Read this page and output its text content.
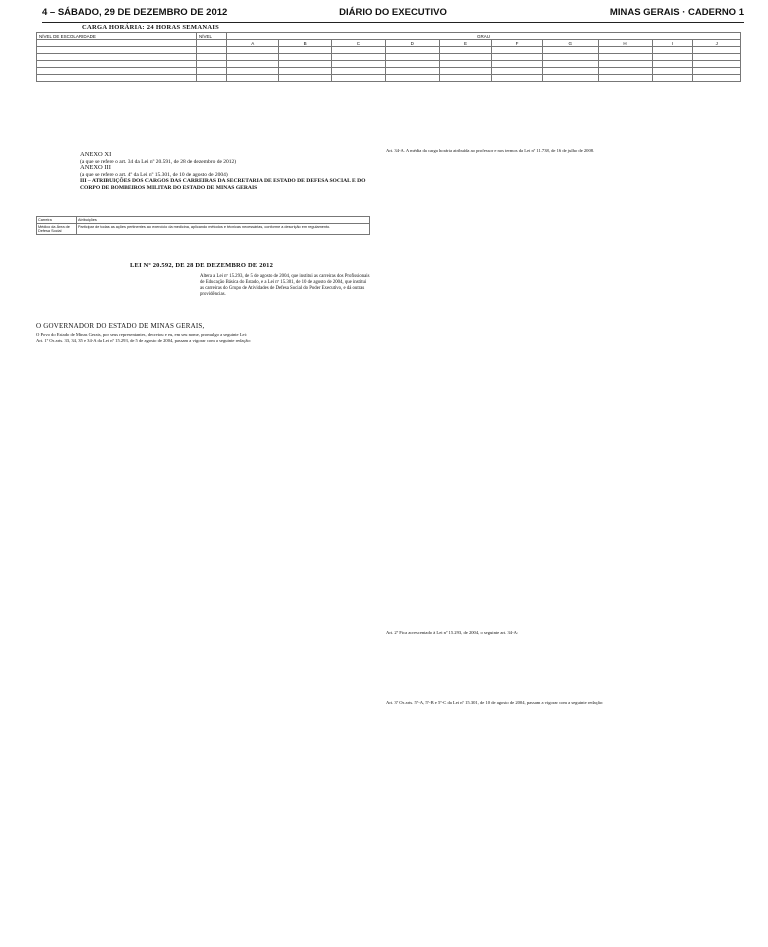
4 – SÁBADO, 29 DE DEZEMBRO DE 2012	DIÁRIO DO EXECUTIVO	MINAS GERAIS · CADERNO 1
CARGA HORÁRIA: 24 HORAS SEMANAIS
NÍVEL DE ESCOLARIDADE	NÍVEL	GRAU									
		A	B	C	D	E	F	G	H	I	J

ANEXO XI
(a que se refere o art. 34 da Lei nº 20.591, de 28 de dezembro de 2012)
ANEXO III
(a que se refere o art. 4º da Lei nº 15.301, de 10 de agosto de 2004)
III – ATRIBUIÇÕES DOS CARGOS DAS CARREIRAS DA SECRETARIA DE ESTADO DE DEFESA SOCIAL E DO CORPO DE BOMBEIROS MILITAR DO ESTADO DE MINAS GERAIS
Carreira	Atribuições
Médico da Área de Defesa Social	Participar de todas as ações pertinentes ao exercício da medicina, aplicando métodos e técnicas necessárias, conforme a descrição em regulamento.
LEI Nº 20.592, DE 28 DE DEZEMBRO DE 2012
Altera a Lei nº 15.293, de 5 de agosto de 2004, que institui as carreiras dos Profissionais de Educação Básica do Estado, e a Lei nº 15.301, de 10 de agosto de 2004, que institui as carreiras do Grupo de Atividades de Defesa Social do Poder Executivo, e dá outras providências.
O GOVERNADOR DO ESTADO DE MINAS GERAIS,
O Povo do Estado de Minas Gerais, por seus representantes, decretou e eu, em seu nome, promulgo a seguinte Lei:
Art. 1º Os arts. 33, 34, 35 e 34-A da Lei nº 15.293, de 5 de agosto de 2004, passam a vigorar com a seguinte redação:
Art. 34-A. A média da carga horária atribuída ao professor e nos termos da Lei nº 11.738, de 16 de julho de 2008.
Art. 2º Fica acrescentado à Lei nº 15.293, de 2004, o seguinte art. 34-A:
Art. 3º Os arts. 5º-A, 5º-B e 5º-C da Lei nº 15.301, de 10 de agosto de 2004, passam a vigorar com a seguinte redação:
